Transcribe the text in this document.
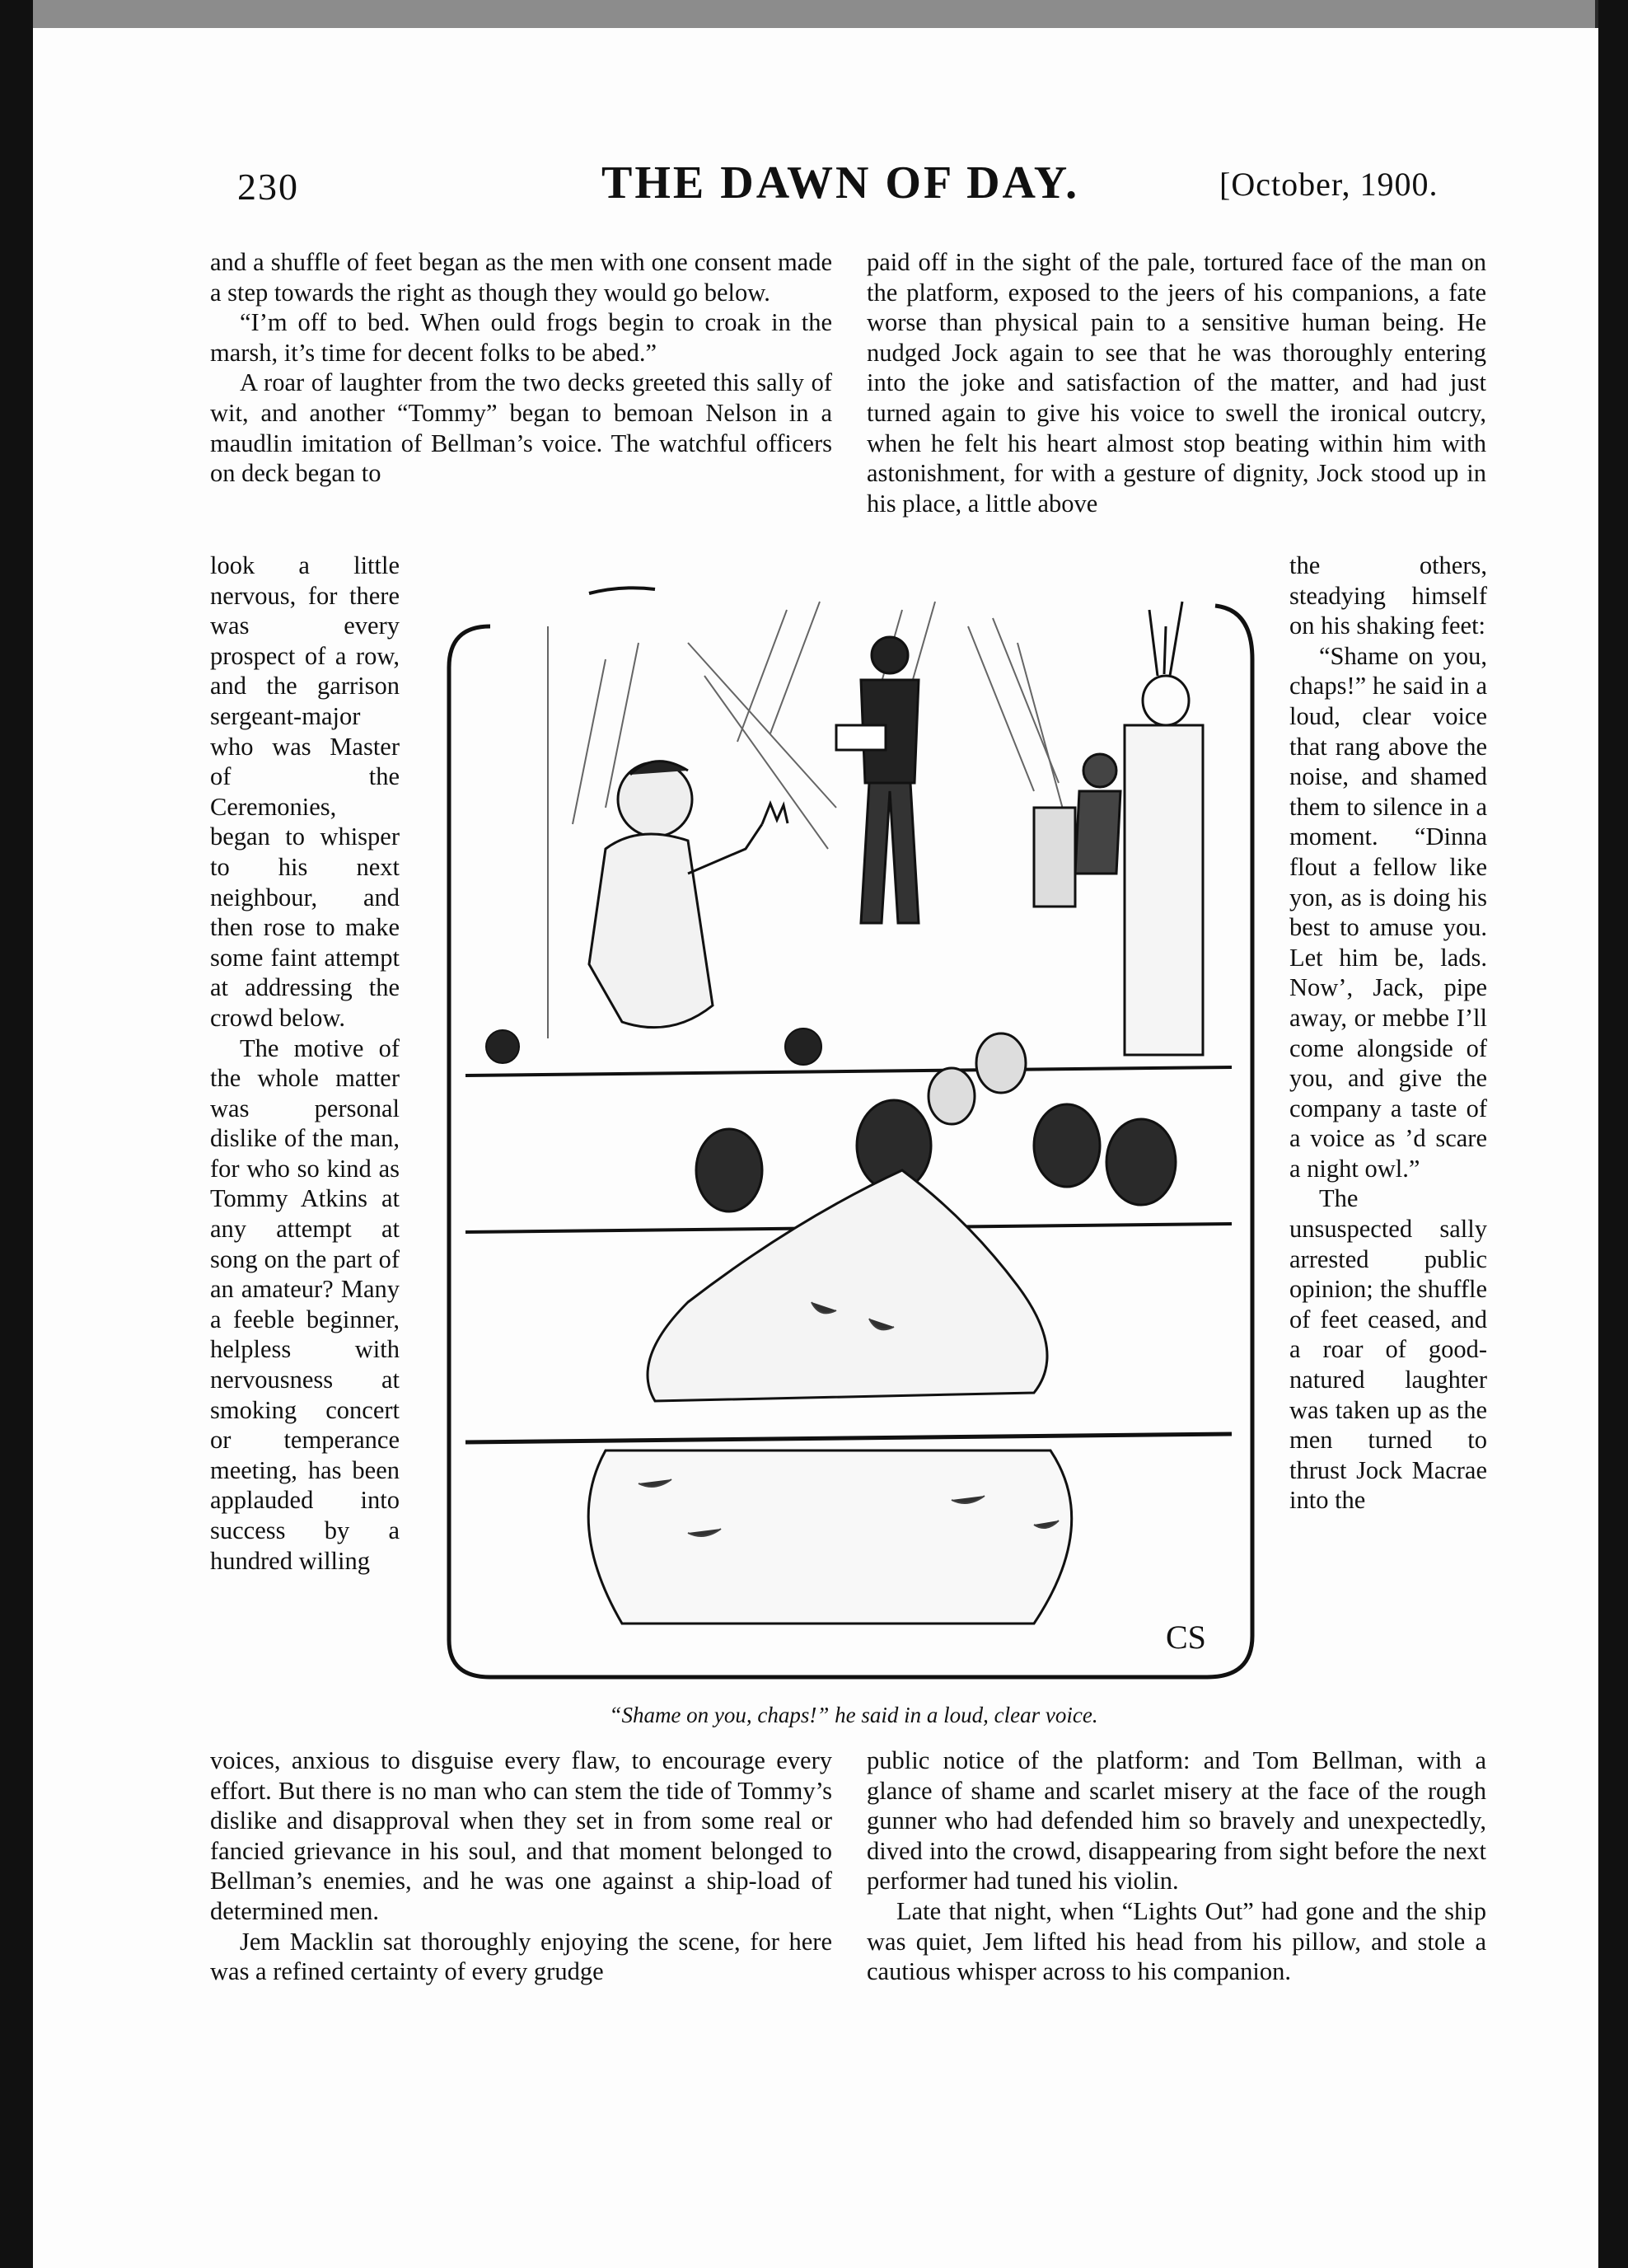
230	THE DAWN OF DAY.	[October, 1900.

and a shuffle of feet began as the men with one consent made a step towards the right as though they would go below.

“I’m off to bed. When ould frogs begin to croak in the marsh, it’s time for decent folks to be abed.”

A roar of laughter from the two decks greeted this sally of wit, and another “Tommy” began to bemoan Nelson in a maudlin imitation of Bellman’s voice. The watchful officers on deck began to

look a little nervous, for there was every prospect of a row, and the garrison sergeant-major who was Master of the Ceremonies, began to whisper to his next neighbour, and then rose to make some faint attempt at addressing the crowd below.

The motive of the whole matter was personal dislike of the man, for who so kind as Tommy Atkins at any attempt at song on the part of an amateur? Many a feeble beginner, helpless with nervousness at smoking concert or temperance meeting, has been applauded into success by a hundred willing

voices, anxious to disguise every flaw, to encourage every effort. But there is no man who can stem the tide of Tommy’s dislike and disapproval when they set in from some real or fancied grievance in his soul, and that moment belonged to Bellman’s enemies, and he was one against a ship-load of determined men.

Jem Macklin sat thoroughly enjoying the scene, for here was a refined certainty of every grudge

paid off in the sight of the pale, tortured face of the man on the platform, exposed to the jeers of his companions, a fate worse than physical pain to a sensitive human being. He nudged Jock again to see that he was thoroughly entering into the joke and satisfaction of the matter, and had just turned again to give his voice to swell the ironical outcry, when he felt his heart almost stop beating within him with astonishment, for with a gesture of dignity, Jock stood up in his place, a little above

the others, steadying himself on his shaking feet:

“Shame on you, chaps!” he said in a loud, clear voice that rang above the noise, and shamed them to silence in a moment. “Dinna flout a fellow like yon, as is doing his best to amuse you. Let him be, lads. Now’, Jack, pipe away, or mebbe I’ll come alongside of you, and give the company a taste of a voice as ’d scare a night owl.”

The unsuspected sally arrested public opinion; the shuffle of feet ceased, and a roar of good-natured laughter was taken up as the men turned to thrust Jock Macrae into the

public notice of the platform: and Tom Bellman, with a glance of shame and scarlet misery at the face of the rough gunner who had defended him so bravely and unexpectedly, dived into the crowd, disappearing from sight before the next performer had tuned his violin.

Late that night, when “Lights Out” had gone and the ship was quiet, Jem lifted his head from his pillow, and stole a cautious whisper across to his companion.

CS
“Shame on you, chaps!” he said in a loud, clear voice.
